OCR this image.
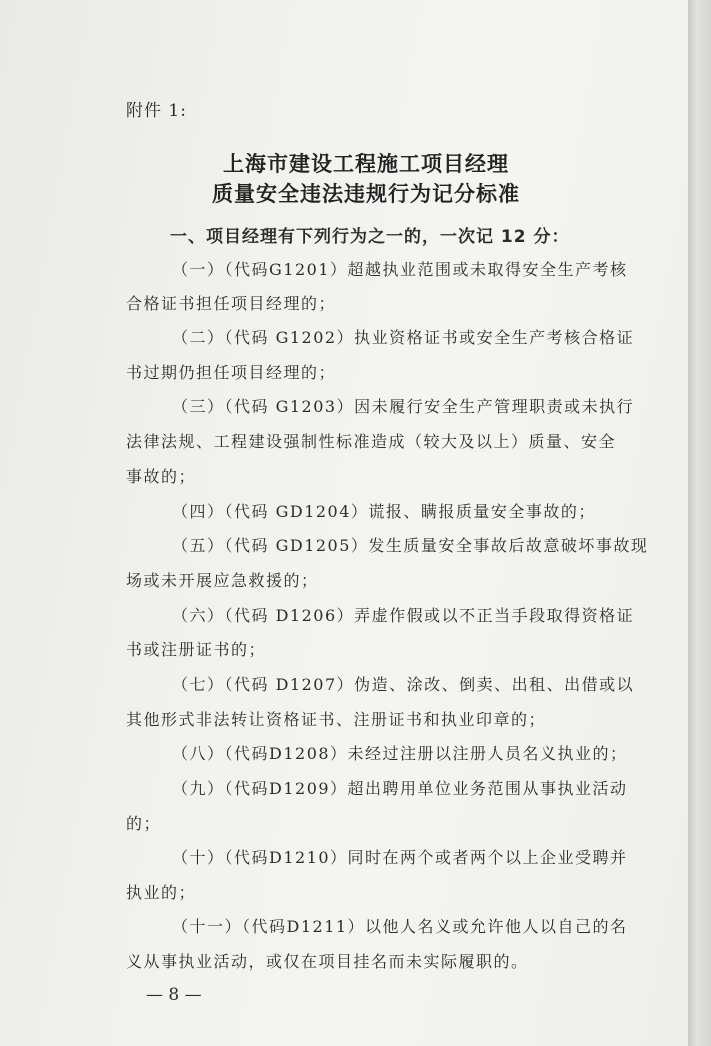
附件 1:
上海市建设工程施工项目经理
质量安全违法违规行为记分标准
一、项目经理有下列行为之一的，一次记 12 分：
（一）（代码G1201）超越执业范围或未取得安全生产考核
合格证书担任项目经理的；
（二）（代码 G1202）执业资格证书或安全生产考核合格证
书过期仍担任项目经理的；
（三）（代码 G1203）因未履行安全生产管理职责或未执行
法律法规、工程建设强制性标准造成（较大及以上）质量、安全
事故的；
（四）（代码 GD1204）谎报、瞒报质量安全事故的；
（五）（代码 GD1205）发生质量安全事故后故意破坏事故现
场或未开展应急救援的；
（六）（代码 D1206）弄虚作假或以不正当手段取得资格证
书或注册证书的；
（七）（代码 D1207）伪造、涂改、倒卖、出租、出借或以
其他形式非法转让资格证书、注册证书和执业印章的；
（八）（代码D1208）未经过注册以注册人员名义执业的；
（九）（代码D1209）超出聘用单位业务范围从事执业活动
的；
（十）（代码D1210）同时在两个或者两个以上企业受聘并
执业的；
（十一）（代码D1211）以他人名义或允许他人以自己的名
义从事执业活动，或仅在项目挂名而未实际履职的。
— 8 —
